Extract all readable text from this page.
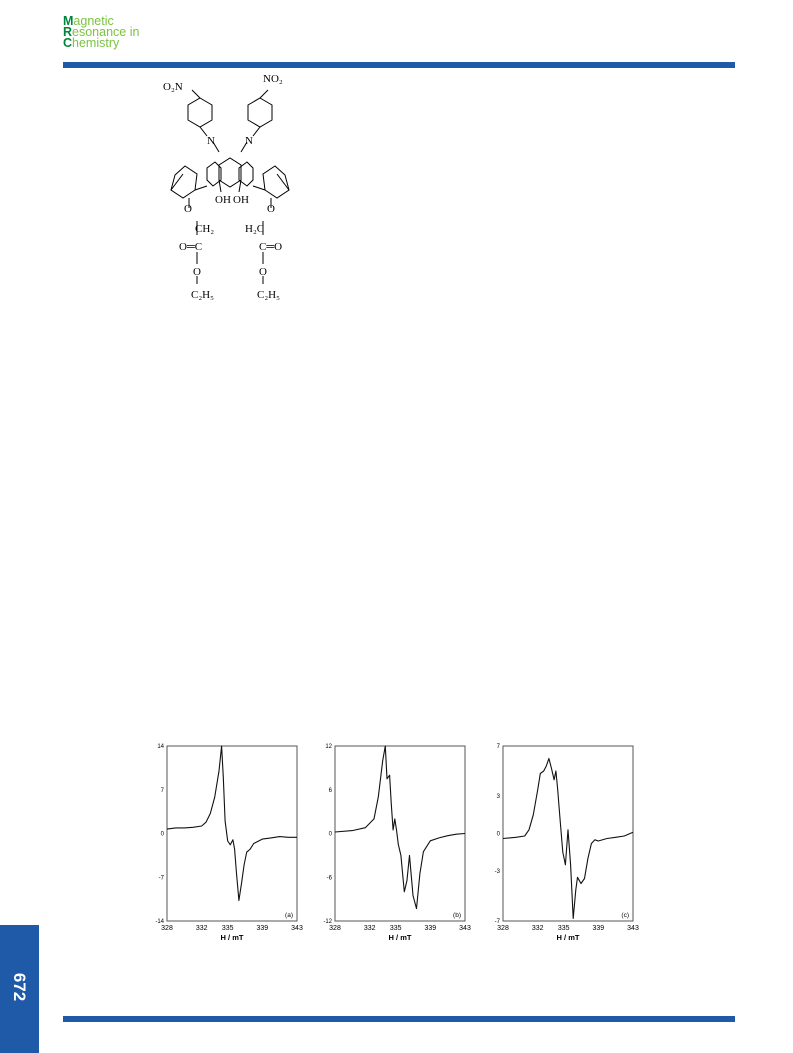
Magnetic
Resonance in
Chemistry
O₂N
NO₂
N	N
OH OH
O	O
CH₂	H₂C
O═C	C═O
O	O
C₂H₅	C₂H₅
14
7
0
-7
-14
328	332 335	339	343
H / mT
(a)
12
6
0
-6
-12
328	332 335	339	343
H / mT
(b)
7
3
0
-3
-7
328	332 335	339	343
H / mT
(c)
672
